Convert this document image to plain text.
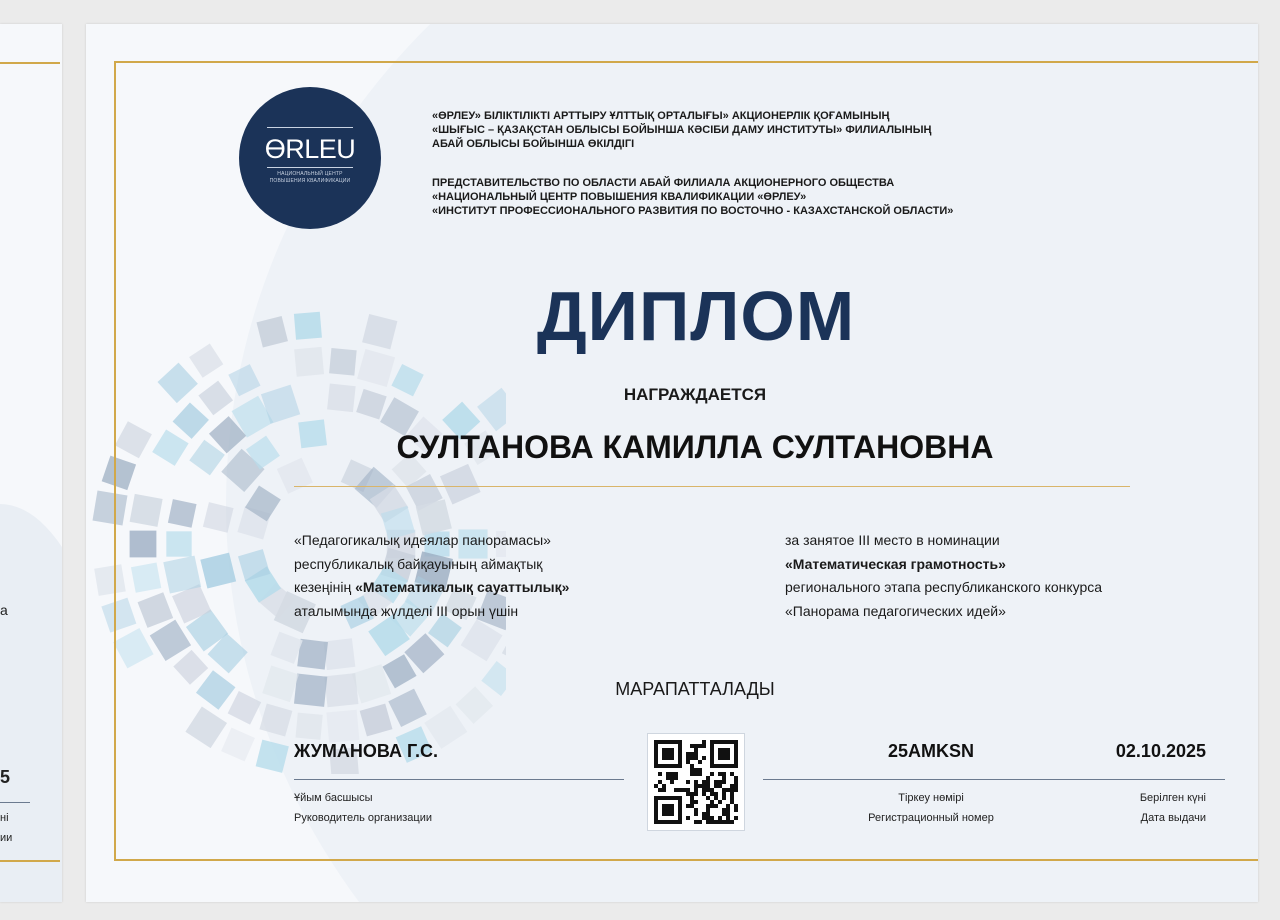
а
5
ні
ии
ӨRLEU
НАЦИОНАЛЬНЫЙ ЦЕНТР
ПОВЫШЕНИЯ КВАЛИФИКАЦИИ
«ӨРЛЕУ» БІЛІКТІЛІКТІ АРТТЫРУ ҰЛТТЫҚ ОРТАЛЫҒЫ» АКЦИОНЕРЛІК ҚОҒАМЫНЫҢ
«ШЫҒЫС – ҚАЗАҚСТАН ОБЛЫСЫ БОЙЫНША КӘСІБИ ДАМУ ИНСТИТУТЫ» ФИЛИАЛЫНЫҢ
АБАЙ ОБЛЫСЫ БОЙЫНША ӨКІЛДІГІ
ПРЕДСТАВИТЕЛЬСТВО ПО ОБЛАСТИ АБАЙ ФИЛИАЛА АКЦИОНЕРНОГО ОБЩЕСТВА
«НАЦИОНАЛЬНЫЙ ЦЕНТР ПОВЫШЕНИЯ КВАЛИФИКАЦИИ «ӨРЛЕУ»
«ИНСТИТУТ ПРОФЕССИОНАЛЬНОГО РАЗВИТИЯ ПО ВОСТОЧНО - КАЗАХСТАНСКОЙ ОБЛАСТИ»
ДИПЛОМ
НАГРАЖДАЕТСЯ
СУЛТАНОВА КАМИЛЛА СУЛТАНОВНА
«Педагогикалық идеялар панорамасы»
республикалық байқауының аймақтық
кезеңінің «Математикалық сауаттылық»
аталымында жүлделі III орын үшін
за занятое III место в номинации
«Математическая грамотность»
регионального этапа республиканского конкурса
«Панорама педагогических идей»
МАРАПАТТАЛАДЫ
ЖУМАНОВА Г.С.
Ұйым басшысы
Руководитель организации
25AMKSN
Тіркеу нөмірі
Регистрационный номер
02.10.2025
Берілген күні
Дата выдачи
